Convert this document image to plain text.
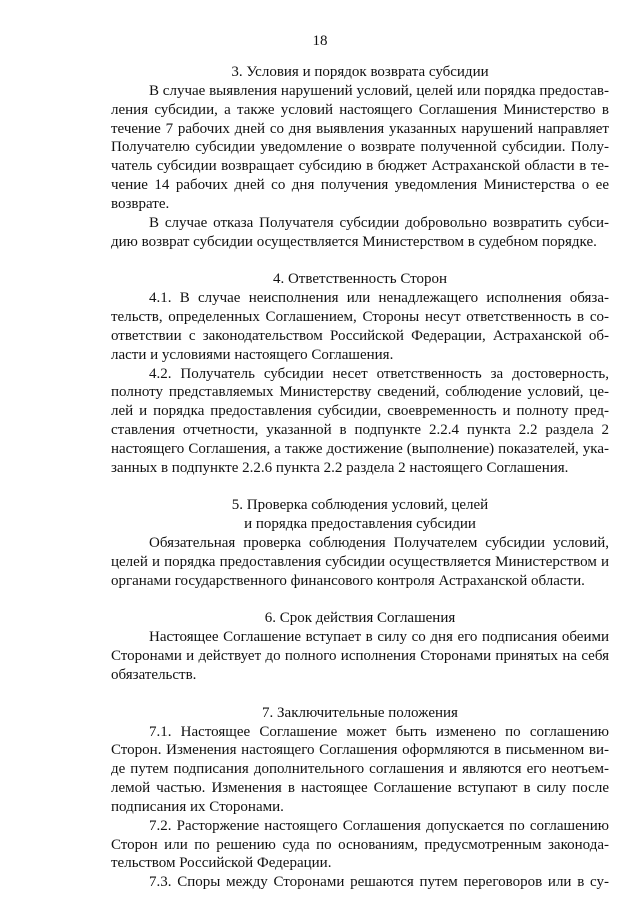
18
3. Условия и порядок возврата субсидии
В случае выявления нарушений условий, целей или порядка предостав-
ления субсидии, а также условий настоящего Соглашения Министерство в
течение 7 рабочих дней со дня выявления указанных нарушений направляет
Получателю субсидии уведомление о возврате полученной субсидии. Полу-
чатель субсидии возвращает субсидию в бюджет Астраханской области в те-
чение 14 рабочих дней со дня получения уведомления Министерства о ее
возврате.
В случае отказа Получателя субсидии добровольно возвратить субси-
дию возврат субсидии осуществляется Министерством в судебном порядке.
4. Ответственность Сторон
4.1. В случае неисполнения или ненадлежащего исполнения обяза-
тельств, определенных Соглашением, Стороны несут ответственность в со-
ответствии с законодательством Российской Федерации, Астраханской об-
ласти и условиями настоящего Соглашения.
4.2. Получатель субсидии несет ответственность за достоверность,
полноту представляемых Министерству сведений, соблюдение условий, це-
лей и порядка предоставления субсидии, своевременность и полноту пред-
ставления отчетности, указанной в подпункте 2.2.4 пункта 2.2 раздела 2
настоящего Соглашения, а также достижение (выполнение) показателей, ука-
занных в подпункте 2.2.6 пункта 2.2 раздела 2 настоящего Соглашения.
5. Проверка соблюдения условий, целей
и порядка предоставления субсидии
Обязательная проверка соблюдения Получателем субсидии условий,
целей и порядка предоставления субсидии осуществляется Министерством и
органами государственного финансового контроля Астраханской области.
6. Срок действия Соглашения
Настоящее Соглашение вступает в силу со дня его подписания обеими
Сторонами и действует до полного исполнения Сторонами принятых на себя
обязательств.
7. Заключительные положения
7.1. Настоящее Соглашение может быть изменено по соглашению
Сторон. Изменения настоящего Соглашения оформляются в письменном ви-
де путем подписания дополнительного соглашения и являются его неотъем-
лемой частью. Изменения в настоящее Соглашение вступают в силу после
подписания их Сторонами.
7.2. Расторжение настоящего Соглашения допускается по соглашению
Сторон или по решению суда по основаниям, предусмотренным законода-
тельством Российской Федерации.
7.3. Споры между Сторонами решаются путем переговоров или в су-
